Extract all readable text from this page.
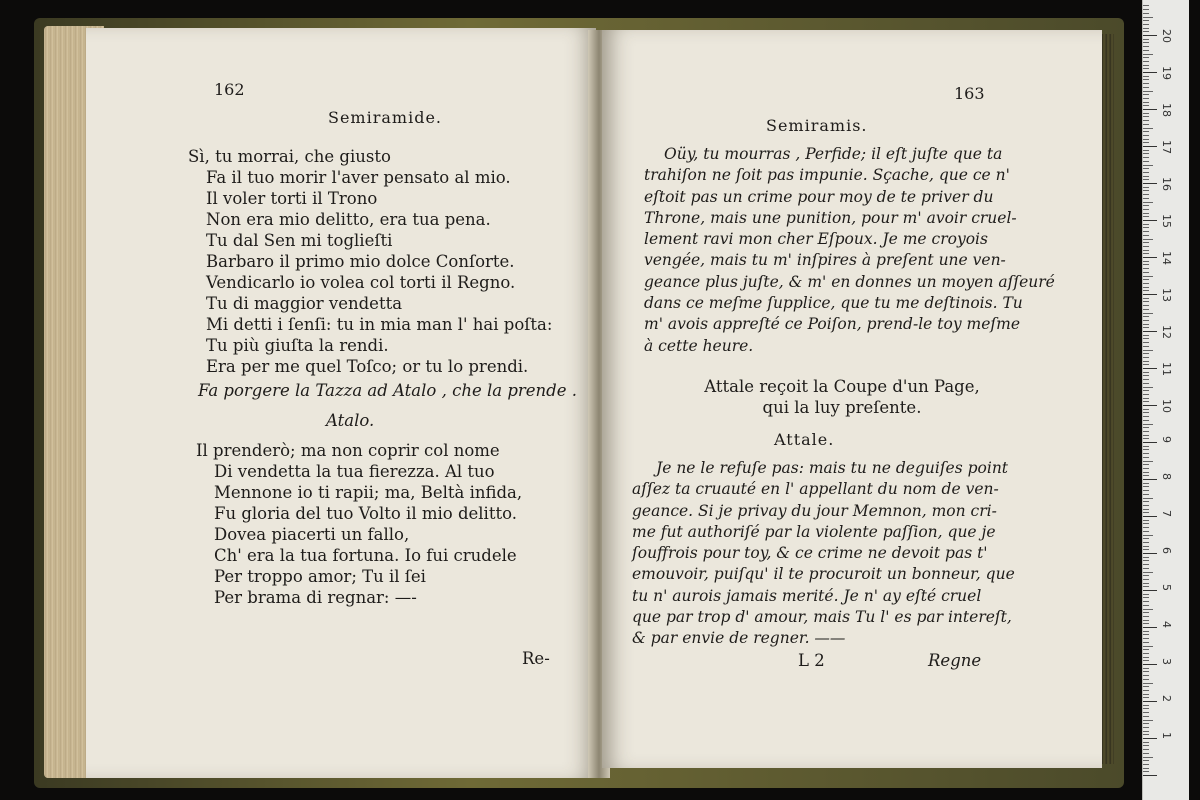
162
Semiramide.
Sì, tu morrai, che giusto
Fa il tuo morir l'aver pensato al mio.
Il voler torti il Trono
Non era mio delitto, era tua pena.
Tu dal Sen mi toglieſti
Barbaro il primo mio dolce Conſorte.
Vendicarlo io volea col torti il Regno.
Tu di maggior vendetta
Mi detti i ſenſi: tu in mia man l' hai poſta:
Tu più giuſta la rendi.
Era per me quel Toſco; or tu lo prendi.
Fa porgere la Tazza ad Atalo , che la prende .
Atalo.
Il prenderò; ma non coprir col nome
Di vendetta la tua fierezza. Al tuo
Mennone io ti rapii; ma, Beltà infida,
Fu gloria del tuo Volto il mio delitto.
Dovea piacerti un fallo,
Ch' era la tua fortuna. Io fui crudele
Per troppo amor; Tu il ſei
Per brama di regnar: —-
Re-
163
Semiramis.
Oüy, tu mourras , Perfide; il eſt juſte que ta
trahiſon ne ſoit pas impunie. Sçache, que ce n'
eſtoit pas un crime pour moy de te priver du
Throne, mais une punition, pour m' avoir cruel-
lement ravi mon cher Eſpoux. Je me croyois
vengée, mais tu m' inſpires à preſent une ven-
geance plus juſte, & m' en donnes un moyen aſſeuré
dans ce meſme ſupplice, que tu me deſtinois. Tu
m' avois appreſté ce Poiſon, prend-le toy meſme
à cette heure.
Attale reçoit la Coupe d'un Page,
qui la luy preſente.
Attale.
Je ne le refuſe pas: mais tu ne deguiſes point
aſſez ta cruauté en l' appellant du nom de ven-
geance. Si je privay du jour Memnon, mon cri-
me fut authoriſé par la violente paſſion, que je
ſouffrois pour toy, & ce crime ne devoit pas t'
emouvoir, puiſqu' il te procuroit un bonneur, que
tu n' aurois jamais merité. Je n' ay eſté cruel
que par trop d' amour, mais Tu l' es par intereſt,
& par envie de regner. ——
L 2	Regne
1
2
3
4
5
6
7
8
9
10
11
12
13
14
15
16
17
18
19
20
